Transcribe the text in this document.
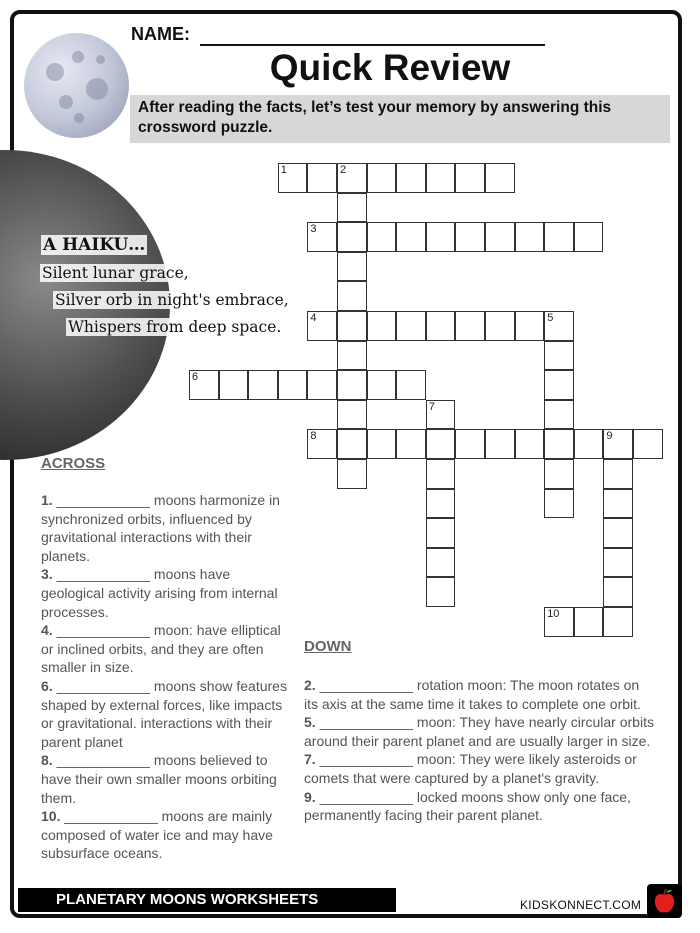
NAME:
Quick Review
After reading the facts, let’s test your memory by answering this crossword puzzle.
A HAIKU…
Silent lunar grace,
Silver orb in night's embrace,
Whispers from deep space.
1	2
3
4	5
6
7
8	9
10
ACROSS

1. ____________ moons harmonize in synchronized orbits, influenced by gravitational interactions with their planets.

3. ____________ moons have geological activity arising from internal processes.

4. ____________ moon: have elliptical or inclined orbits, and they are often smaller in size.

6. ____________ moons show features shaped by external forces, like impacts or gravitational. interactions with their parent planet

8. ____________ moons believed to have their own smaller moons orbiting them.

10. ____________ moons are mainly composed of water ice and may have subsurface oceans.

DOWN

2. ____________ rotation moon: The moon rotates on its axis at the same time it takes to complete one orbit.

5. ____________ moon: They have nearly circular orbits around their parent planet and are usually larger in size.

7. ____________ moon: They were likely asteroids or comets that were captured by a planet's gravity.

9. ____________ locked moons show only one face, permanently facing their parent planet.

PLANETARY MOONS WORKSHEETS	KIDSKONNECT.COM
